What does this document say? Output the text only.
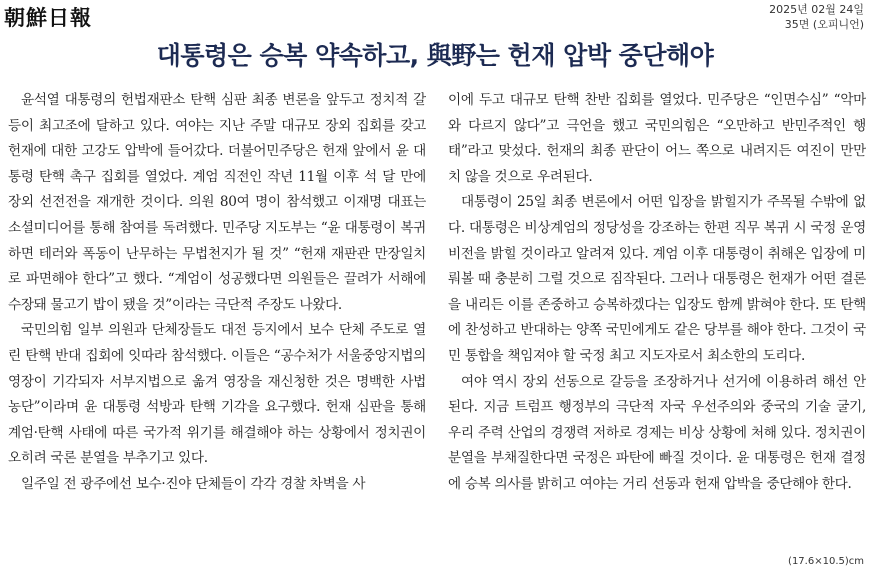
朝鮮日報	2025년 02월 24일
35면 (오피니언)
대통령은 승복 약속하고, 與野는 헌재 압박 중단해야

윤석열 대통령의 헌법재판소 탄핵 심판 최종 변론을 앞두고 정치적 갈등이 최고조에 달하고 있다. 여야는 지난 주말 대규모 장외 집회를 갖고 헌재에 대한 고강도 압박에 들어갔다. 더불어민주당은 헌재 앞에서 윤 대통령 탄핵 촉구 집회를 열었다. 계엄 직전인 작년 11월 이후 석 달 만에 장외 선전전을 재개한 것이다. 의원 80여 명이 참석했고 이재명 대표는 소셜미디어를 통해 참여를 독려했다. 민주당 지도부는 “윤 대통령이 복귀하면 테러와 폭동이 난무하는 무법천지가 될 것” “헌재 재판관 만장일치로 파면해야 한다”고 했다. “계엄이 성공했다면 의원들은 끌려가 서해에 수장돼 물고기 밥이 됐을 것”이라는 극단적 주장도 나왔다.

국민의힘 일부 의원과 단체장들도 대전 등지에서 보수 단체 주도로 열린 탄핵 반대 집회에 잇따라 참석했다. 이들은 “공수처가 서울중앙지법의 영장이 기각되자 서부지법으로 옮겨 영장을 재신청한 것은 명백한 사법 농단”이라며 윤 대통령 석방과 탄핵 기각을 요구했다. 헌재 심판을 통해 계엄·탄핵 사태에 따른 국가적 위기를 해결해야 하는 상황에서 정치권이 오히려 국론 분열을 부추기고 있다.

일주일 전 광주에선 보수·진야 단체들이 각각 경찰 차벽을 사

이에 두고 대규모 탄핵 찬반 집회를 열었다. 민주당은 “인면수심” “악마와 다르지 않다”고 극언을 했고 국민의힘은 “오만하고 반민주적인 행태”라고 맞섰다. 헌재의 최종 판단이 어느 쪽으로 내려지든 여진이 만만치 않을 것으로 우려된다.

대통령이 25일 최종 변론에서 어떤 입장을 밝힐지가 주목될 수밖에 없다. 대통령은 비상계엄의 정당성을 강조하는 한편 직무 복귀 시 국정 운영 비전을 밝힐 것이라고 알려져 있다. 계엄 이후 대통령이 취해온 입장에 미뤄볼 때 충분히 그럴 것으로 짐작된다. 그러나 대통령은 헌재가 어떤 결론을 내리든 이를 존중하고 승복하겠다는 입장도 함께 밝혀야 한다. 또 탄핵에 찬성하고 반대하는 양쪽 국민에게도 같은 당부를 해야 한다. 그것이 국민 통합을 책임져야 할 국정 최고 지도자로서 최소한의 도리다.

여야 역시 장외 선동으로 갈등을 조장하거나 선거에 이용하려 해선 안 된다. 지금 트럼프 행정부의 극단적 자국 우선주의와 중국의 기술 굴기, 우리 주력 산업의 경쟁력 저하로 경제는 비상 상황에 처해 있다. 정치권이 분열을 부채질한다면 국정은 파탄에 빠질 것이다. 윤 대통령은 헌재 결정에 승복 의사를 밝히고 여야는 거리 선동과 헌재 압박을 중단해야 한다.

(17.6×10.5)cm
